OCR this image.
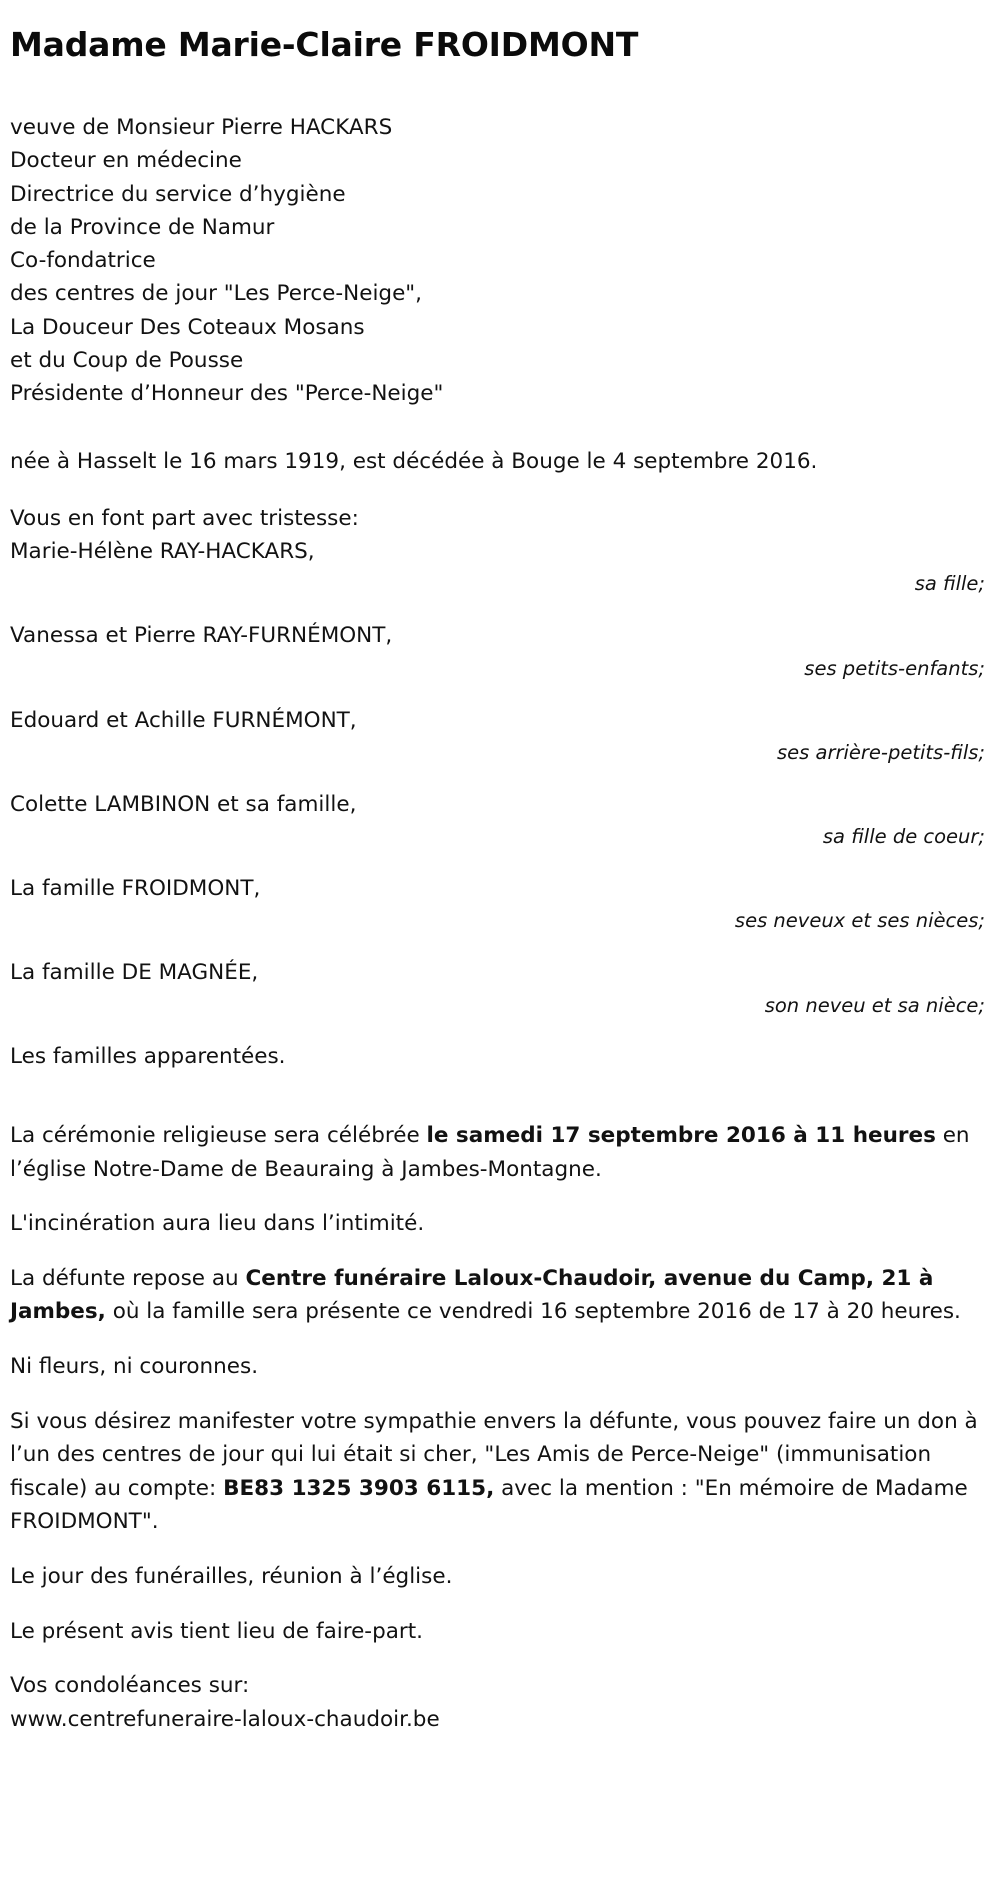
Madame Marie-Claire FROIDMONT
veuve de Monsieur Pierre HACKARS
Docteur en médecine
Directrice du service d’hygiène
de la Province de Namur
Co-fondatrice
des centres de jour "Les Perce-Neige",
La Douceur Des Coteaux Mosans
et du Coup de Pousse
Présidente d’Honneur des "Perce-Neige"
née à Hasselt le 16 mars 1919, est décédée à Bouge le 4 septembre 2016.
Vous en font part avec tristesse:
Marie-Hélène RAY-HACKARS,
sa fille;
Vanessa et Pierre RAY-FURNÉMONT,
ses petits-enfants;
Edouard et Achille FURNÉMONT,
ses arrière-petits-fils;
Colette LAMBINON et sa famille,
sa fille de coeur;
La famille FROIDMONT,
ses neveux et ses nièces;
La famille DE MAGNÉE,
son neveu et sa nièce;
Les familles apparentées.

La cérémonie religieuse sera célébrée le samedi 17 septembre 2016 à 11 heures en l’église Notre-Dame de Beauraing à Jambes-Montagne.

L'incinération aura lieu dans l’intimité.

La défunte repose au Centre funéraire Laloux-Chaudoir, avenue du Camp, 21 à Jambes, où la famille sera présente ce vendredi 16 septembre 2016 de 17 à 20 heures.

Ni fleurs, ni couronnes.

Si vous désirez manifester votre sympathie envers la défunte, vous pouvez faire un don à l’un des centres de jour qui lui était si cher, "Les Amis de Perce-Neige" (immunisation fiscale) au compte: BE83 1325 3903 6115, avec la mention : "En mémoire de Madame FROIDMONT".

Le jour des funérailles, réunion à l’église.

Le présent avis tient lieu de faire-part.

Vos condoléances sur:

www.centrefuneraire-laloux-chaudoir.be
